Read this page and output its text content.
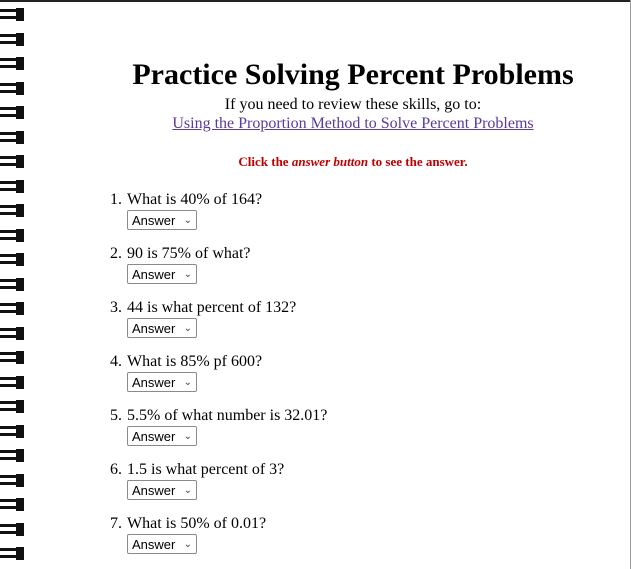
Practice Solving Percent Problems
If you need to review these skills, go to:
Using the Proportion Method to Solve Percent Problems
Click the answer button to see the answer.
1. What is 40% of 164?
Answer ⌄
2. 90 is 75% of what?
Answer ⌄
3. 44 is what percent of 132?
Answer ⌄
4. What is 85% pf 600?
Answer ⌄
5. 5.5% of what number is 32.01?
Answer ⌄
6. 1.5 is what percent of 3?
Answer ⌄
7. What is 50% of 0.01?
Answer ⌄
